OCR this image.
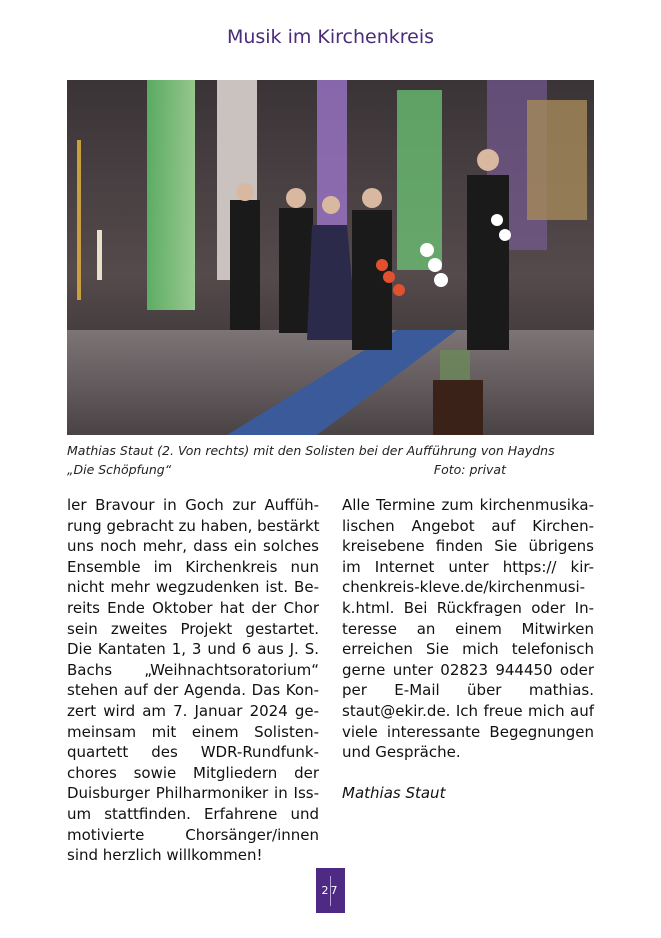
Musik im Kirchenkreis
Mathias Staut (2. Von rechts) mit den Solisten bei der Aufführung von Haydns
„Die Schöpfung“	Foto: privat
ler Bravour in Goch zur Auffüh-
rung gebracht zu haben, bestärkt
uns noch mehr, dass ein solches
Ensemble im Kirchenkreis nun
nicht mehr wegzudenken ist. Be-
reits Ende Oktober hat der Chor
sein zweites Projekt gestartet.
Die Kantaten 1, 3 und 6 aus J. S.
Bachs „Weihnachtsoratorium“
stehen auf der Agenda. Das Kon-
zert wird am 7. Januar 2024 ge-
meinsam mit einem Solisten-
quartett des WDR-Rundfunk-
chores sowie Mitgliedern der
Duisburger Philharmoniker in Iss-
um stattfinden. Erfahrene und
motivierte Chorsänger/innen
sind herzlich willkommen!
Alle Termine zum kirchenmusika-
lischen Angebot auf Kirchen-
kreisebene finden Sie übrigens
im Internet unter https:// kir-
chenkreis-kleve.de/kirchenmusi-
k.html. Bei Rückfragen oder In-
teresse an einem Mitwirken
erreichen Sie mich telefonisch
gerne unter 02823 944450 oder
per E-Mail über mathias.
staut@ekir.de. Ich freue mich auf
viele interessante Begegnungen
und Gespräche.
Mathias Staut
27
